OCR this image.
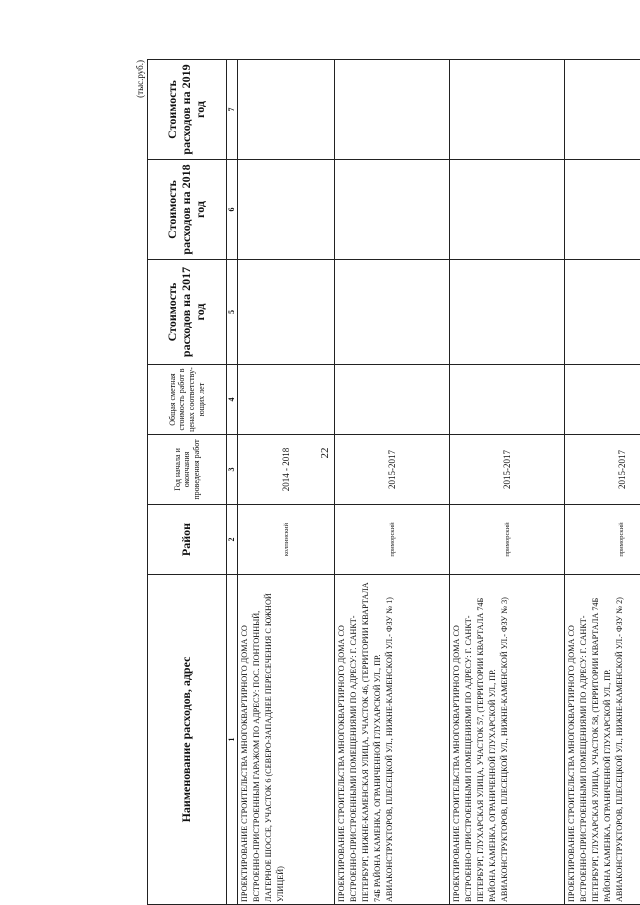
22
(тыс.руб.)
Наименование расходов, адрес	Район	Год начала и окончания проведения работ	Общая сметная стоимость работ в ценах соответству-ющих лет	Стоимость расходов на 2017 год	Стоимость расходов на 2018 год	Стоимость расходов на 2019 год
1	2	3	4	5	6	7
ПРОЕКТИРОВАНИЕ СТРОИТЕЛЬСТВА МНОГОКВАРТИРНОГО ДОМА СО ВСТРОЕННО-ПРИСТРОЕННЫМ ГАРАЖОМ ПО АДРЕСУ: ПОС. ПОНТОННЫЙ, ЛАГЕРНОЕ ШОССЕ, УЧАСТОК 6 (СЕВЕРО-ЗАПАДНЕЕ ПЕРЕСЕЧЕНИЯ С ЮЖНОЙ УЛИЦЕЙ)	колпинский	2014 - 2018				
ПРОЕКТИРОВАНИЕ СТРОИТЕЛЬСТВА МНОГОКВАРТИРНОГО ДОМА СО ВСТРОЕННО-ПРИСТРОЕННЫМИ ПОМЕЩЕНИЯМИ ПО АДРЕСУ: Г. САНКТ-ПЕТЕРБУРГ, НИЖНЕ-КАМЕНСКАЯ УЛИЦА, УЧАСТОК 46, (ТЕРРИТОРИИ КВАРТАЛА 74Б РАЙОНА КАМЕНКА, ОГРАНИЧЕННОЙ ГЛУХАРСКОЙ УЛ., ПР. АВИАКОНСТРУКТОРОВ, ПЛЕСЕЦКОЙ УЛ., НИЖНЕ-КАМЕНСКОЙ УЛ.- ФЗУ № 1)	приморский	2015-2017				
ПРОЕКТИРОВАНИЕ СТРОИТЕЛЬСТВА МНОГОКВАРТИРНОГО ДОМА СО ВСТРОЕННО-ПРИСТРОЕННЫМИ ПОМЕЩЕНИЯМИ ПО АДРЕСУ: Г. САНКТ-ПЕТЕРБУРГ, ГЛУХАРСКАЯ УЛИЦА, УЧАСТОК 57, (ТЕРРИТОРИИ КВАРТАЛА 74Б РАЙОНА КАМЕНКА, ОГРАНИЧЕННОЙ ГЛУХАРСКОЙ УЛ., ПР. АВИАКОНСТРУКТОРОВ, ПЛЕСЕЦКОЙ УЛ., НИЖНЕ-КАМЕНСКОЙ УЛ.- ФЗУ № 3)	приморский	2015-2017				
ПРОЕКТИРОВАНИЕ СТРОИТЕЛЬСТВА МНОГОКВАРТИРНОГО ДОМА СО ВСТРОЕННО-ПРИСТРОЕННЫМИ ПОМЕЩЕНИЯМИ ПО АДРЕСУ: Г. САНКТ-ПЕТЕРБУРГ, ГЛУХАРСКАЯ УЛИЦА, УЧАСТОК 58, (ТЕРРИТОРИИ КВАРТАЛА 74Б РАЙОНА КАМЕНКА, ОГРАНИЧЕННОЙ ГЛУХАРСКОЙ УЛ., ПР. АВИАКОНСТРУКТОРОВ, ПЛЕСЕЦКОЙ УЛ., НИЖНЕ-КАМЕНСКОЙ УЛ.- ФЗУ № 2)	приморский	2015-2017				
